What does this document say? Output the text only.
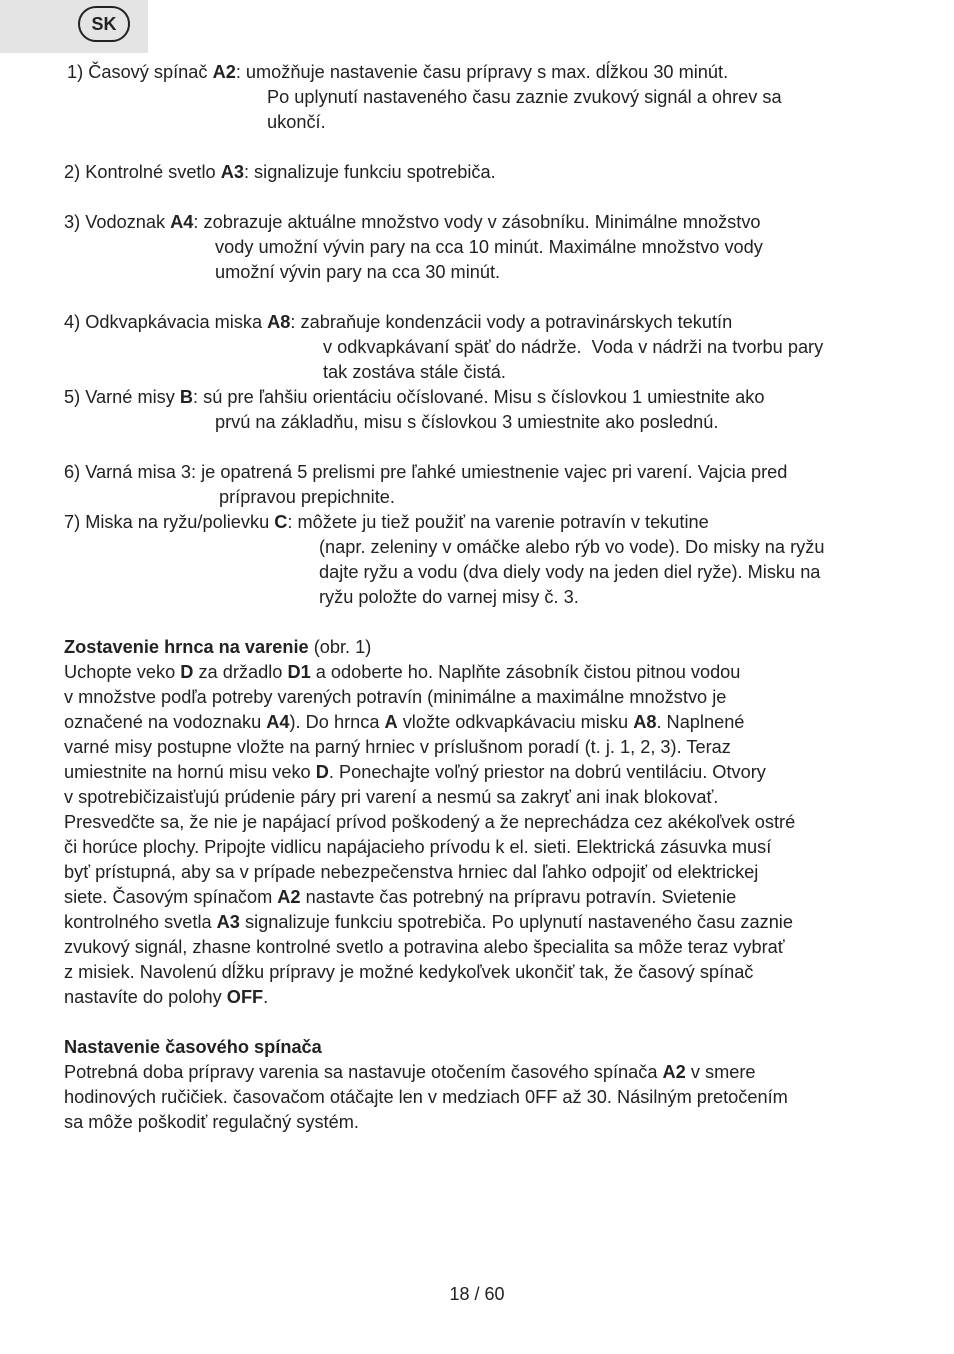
SK
1) Časový spínač A2: umožňuje nastavenie času prípravy s max. dĺžkou 30 minút.
Po uplynutí nastaveného času zaznie zvukový signál a ohrev sa
ukončí.
2) Kontrolné svetlo A3: signalizuje funkciu spotrebiča.
3) Vodoznak A4: zobrazuje aktuálne množstvo vody v zásobníku. Minimálne množstvo
vody umožní vývin pary na cca 10 minút. Maximálne množstvo vody
umožní vývin pary na cca 30 minút.
4) Odkvapkávacia miska A8: zabraňuje kondenzácii vody a potravinárskych tekutín
v odkvapkávaní späť do nádrže.  Voda v nádrži na tvorbu pary
tak zostáva stále čistá.
5) Varné misy B: sú pre ľahšiu orientáciu očíslované. Misu s číslovkou 1 umiestnite ako
prvú na základňu, misu s číslovkou 3 umiestnite ako poslednú.
6) Varná misa 3: je opatrená 5 prelismi pre ľahké umiestnenie vajec pri varení. Vajcia pred
prípravou prepichnite.
7) Miska na ryžu/polievku C: môžete ju tiež použiť na varenie potravín v tekutine
(napr. zeleniny v omáčke alebo rýb vo vode). Do misky na ryžu
dajte ryžu a vodu (dva diely vody na jeden diel ryže). Misku na
ryžu položte do varnej misy č. 3.
Zostavenie hrnca na varenie (obr. 1)
Uchopte veko D za držadlo D1 a odoberte ho. Naplňte zásobník čistou pitnou vodou
v množstve podľa potreby varených potravín (minimálne a maximálne množstvo je
označené na vodoznaku A4). Do hrnca A vložte odkvapkávaciu misku A8. Naplnené
varné misy postupne vložte na parný hrniec v príslušnom poradí (t. j. 1, 2, 3). Teraz
umiestnite na hornú misu veko D. Ponechajte voľný priestor na dobrú ventiláciu. Otvory
v spotrebičizaisťujú prúdenie páry pri varení a nesmú sa zakryť ani inak blokovať.
Presvedčte sa, že nie je napájací prívod poškodený a že neprechádza cez akékoľvek ostré
či horúce plochy. Pripojte vidlicu napájacieho prívodu k el. sieti. Elektrická zásuvka musí
byť prístupná, aby sa v prípade nebezpečenstva hrniec dal ľahko odpojiť od elektrickej
siete. Časovým spínačom A2 nastavte čas potrebný na prípravu potravín. Svietenie
kontrolného svetla A3 signalizuje funkciu spotrebiča. Po uplynutí nastaveného času zaznie
zvukový signál, zhasne kontrolné svetlo a potravina alebo špecialita sa môže teraz vybrať
z misiek. Navolenú dĺžku prípravy je možné kedykoľvek ukončiť tak, že časový spínač
nastavíte do polohy OFF.
Nastavenie časového spínača
Potrebná doba prípravy varenia sa nastavuje otočením časového spínača A2 v smere
hodinových ručičiek. časovačom otáčajte len v medziach 0FF až 30. Násilným pretočením
sa môže poškodiť regulačný systém.
18 / 60
